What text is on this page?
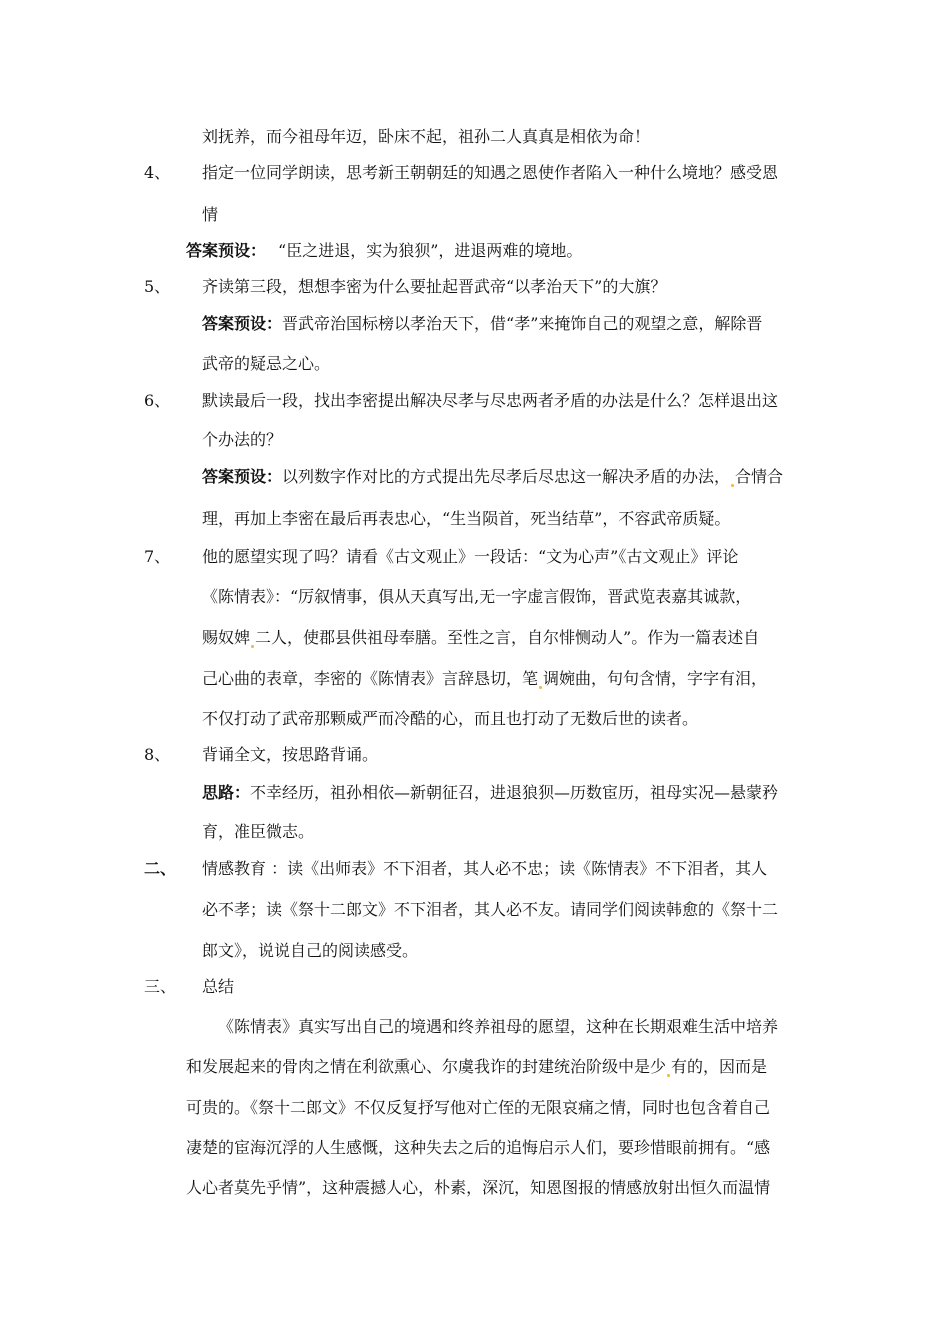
刘抚养，而今祖母年迈，卧床不起，祖孙二人真真是相依为命！
4、 指定一位同学朗读，思考新王朝朝廷的知遇之恩使作者陷入一种什么境地？感受恩
情
答案预设： “臣之进退，实为狼狈”，进退两难的境地。
5、 齐读第三段，想想李密为什么要扯起晋武帝“以孝治天下”的大旗？
答案预设：晋武帝治国标榜以孝治天下，借“孝”来掩饰自己的观望之意，解除晋
武帝的疑忌之心。
6、 默读最后一段，找出李密提出解决尽孝与尽忠两者矛盾的办法是什么？怎样退出这
个办法的？
答案预设：以列数字作对比的方式提出先尽孝后尽忠这一解决矛盾的办法， 合情合
理，再加上李密在最后再表忠心，“生当陨首，死当结草”，不容武帝质疑。
7、 他的愿望实现了吗？请看《古文观止》一段话：“文为心声”《古文观止》评论
《陈情表》：“厉叙情事，俱从天真写出,无一字虚言假饰，晋武览表嘉其诚款，
赐奴婢 二人，使郡县供祖母奉膳。至性之言，自尔悱恻动人”。作为一篇表述自
己心曲的表章，李密的《陈情表》言辞恳切，笔 调婉曲，句句含情，字字有泪，
不仅打动了武帝那颗威严而冷酷的心，而且也打动了无数后世的读者。
8、 背诵全文，按思路背诵。
思路：不幸经历，祖孙相依—新朝征召，进退狼狈—历数宦历，祖母实况—悬蒙矜
育，准臣微志。
二、 情感教育 ：读《出师表》不下泪者，其人必不忠；读《陈情表》不下泪者，其人
必不孝；读《祭十二郎文》不下泪者，其人必不友。请同学们阅读韩愈的《祭十二
郎文》，说说自己的阅读感受。
三、 总结
《陈情表》真实写出自己的境遇和终养祖母的愿望，这种在长期艰难生活中培养
和发展起来的骨肉之情在利欲熏心、尔虞我诈的封建统治阶级中是少 有的，因而是
可贵的。《祭十二郎文》不仅反复抒写他对亡侄的无限哀痛之情，同时也包含着自己
凄楚的宦海沉浮的人生感慨，这种失去之后的追悔启示人们，要珍惜眼前拥有。“感
人心者莫先乎情”，这种震撼人心，朴素，深沉，知恩图报的情感放射出恒久而温情
